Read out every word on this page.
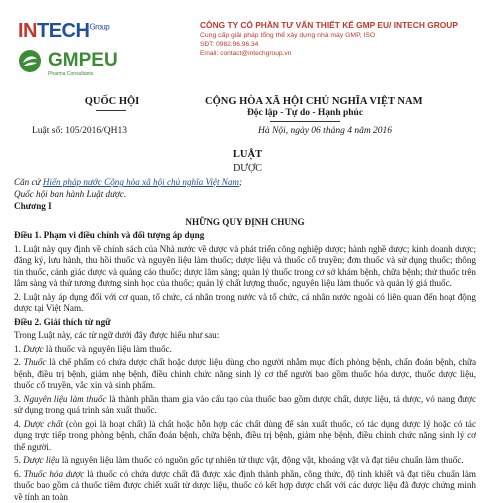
$INTECH^{Group}$
GMPEU
Pharma Consultants
CÔNG TY CỔ PHẦN TƯ VẤN THIẾT KẾ GMP EU/ INTECH GROUP
Cung cấp giải pháp tổng thể xây dựng nhà máy GMP, ISO
SĐT: 0982.96.96.34
Email: contact@intechgroup.vn
QUỐC HỘI	CỘNG HÒA XÃ HỘI CHỦ NGHĨA VIỆT NAM
Độc lập - Tự do - Hạnh phúc
Luật số: 105/2016/QH13	Hà Nội, ngày 06 tháng 4 năm 2016
LUẬT
DƯỢC

Căn cứ Hiến pháp nước Cộng hòa xã hội chủ nghĩa Việt Nam;

Quốc hội ban hành Luật dược.

Chương I

NHỮNG QUY ĐỊNH CHUNG

Điều 1. Phạm vi điều chỉnh và đối tượng áp dụng

1. Luật này quy định về chính sách của Nhà nước về dược và phát triển công nghiệp dược; hành nghề dược; kinh doanh dược; đăng ký, lưu hành, thu hồi thuốc và nguyên liệu làm thuốc; dược liệu và thuốc cổ truyền; đơn thuốc và sử dụng thuốc; thông tin thuốc, cảnh giác dược và quảng cáo thuốc; dược lâm sàng; quản lý thuốc trong cơ sở khám bệnh, chữa bệnh; thử thuốc trên lâm sàng và thử tương đương sinh học của thuốc; quản lý chất lượng thuốc, nguyên liệu làm thuốc và quản lý giá thuốc.

2. Luật này áp dụng đối với cơ quan, tổ chức, cá nhân trong nước và tổ chức, cá nhân nước ngoài có liên quan đến hoạt động dược tại Việt Nam.

Điều 2. Giải thích từ ngữ

Trong Luật này, các từ ngữ dưới đây được hiểu như sau:

1. Dược là thuốc và nguyên liệu làm thuốc.

2. Thuốc là chế phẩm có chứa dược chất hoặc dược liệu dùng cho người nhằm mục đích phòng bệnh, chẩn đoán bệnh, chữa bệnh, điều trị bệnh, giảm nhẹ bệnh, điều chỉnh chức năng sinh lý cơ thể người bao gồm thuốc hóa dược, thuốc dược liệu, thuốc cổ truyền, vắc xin và sinh phẩm.

3. Nguyên liệu làm thuốc là thành phần tham gia vào cấu tạo của thuốc bao gồm dược chất, dược liệu, tá dược, vỏ nang được sử dụng trong quá trình sản xuất thuốc.

4. Dược chất (còn gọi là hoạt chất) là chất hoặc hỗn hợp các chất dùng để sản xuất thuốc, có tác dụng dược lý hoặc có tác dụng trực tiếp trong phòng bệnh, chẩn đoán bệnh, chữa bệnh, điều trị bệnh, giảm nhẹ bệnh, điều chỉnh chức năng sinh lý cơ thể người.

5. Dược liệu là nguyên liệu làm thuốc có nguồn gốc tự nhiên từ thực vật, động vật, khoáng vật và đạt tiêu chuẩn làm thuốc.

6. Thuốc hóa dược là thuốc có chứa dược chất đã được xác định thành phần, công thức, độ tinh khiết và đạt tiêu chuẩn làm thuốc bao gồm cả thuốc tiêm được chiết xuất từ dược liệu, thuốc có kết hợp dược chất với các dược liệu đã được chứng minh về tính an toàn
